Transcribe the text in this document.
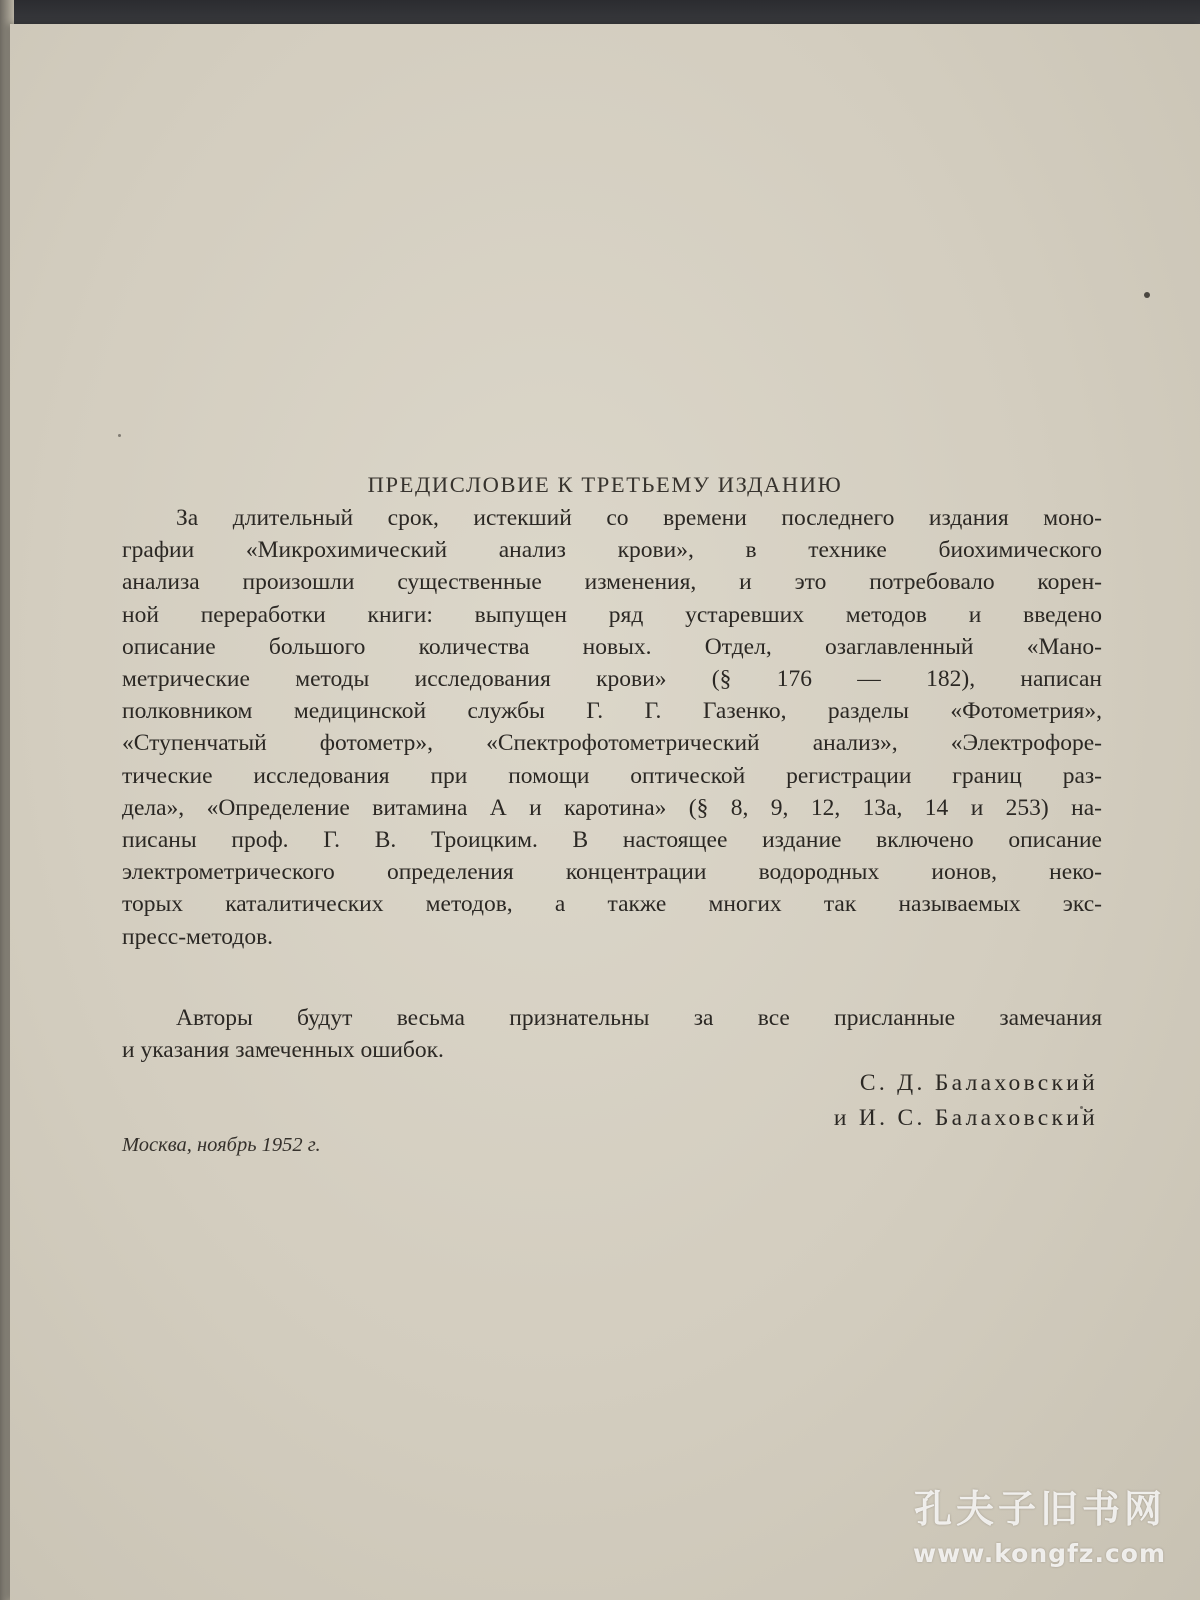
ПРЕДИСЛОВИЕ К ТРЕТЬЕМУ ИЗДАНИЮ
За длительный срок, истекший со времени последнего издания моно-
графии «Микрохимический анализ крови», в технике биохимического
анализа произошли существенные изменения, и это потребовало корен-
ной переработки книги: выпущен ряд устаревших методов и введено
описание большого количества новых. Отдел, озаглавленный «Мано-
метрические методы исследования крови» (§ 176 — 182), написан
полковником медицинской службы Г. Г. Газенко, разделы «Фотометрия»,
«Ступенчатый фотометр», «Спектрофотометрический анализ», «Электрофоре-
тические исследования при помощи оптической регистрации границ раз-
дела», «Определение витамина А и каротина» (§ 8, 9, 12, 13а, 14 и 253) на-
писаны проф. Г. В. Троицким. В настоящее издание включено описание
электрометрического определения концентрации водородных ионов, неко-
торых каталитических методов, а также многих так называемых экс-
пресс-методов.
Авторы будут весьма признательны за все присланные замечания
и указания замеченных ошибок.
С. Д. Балаховский
и И. С. Балаховский
Москва, ноябрь 1952 г.
孔夫子旧书网
www.kongfz.com
